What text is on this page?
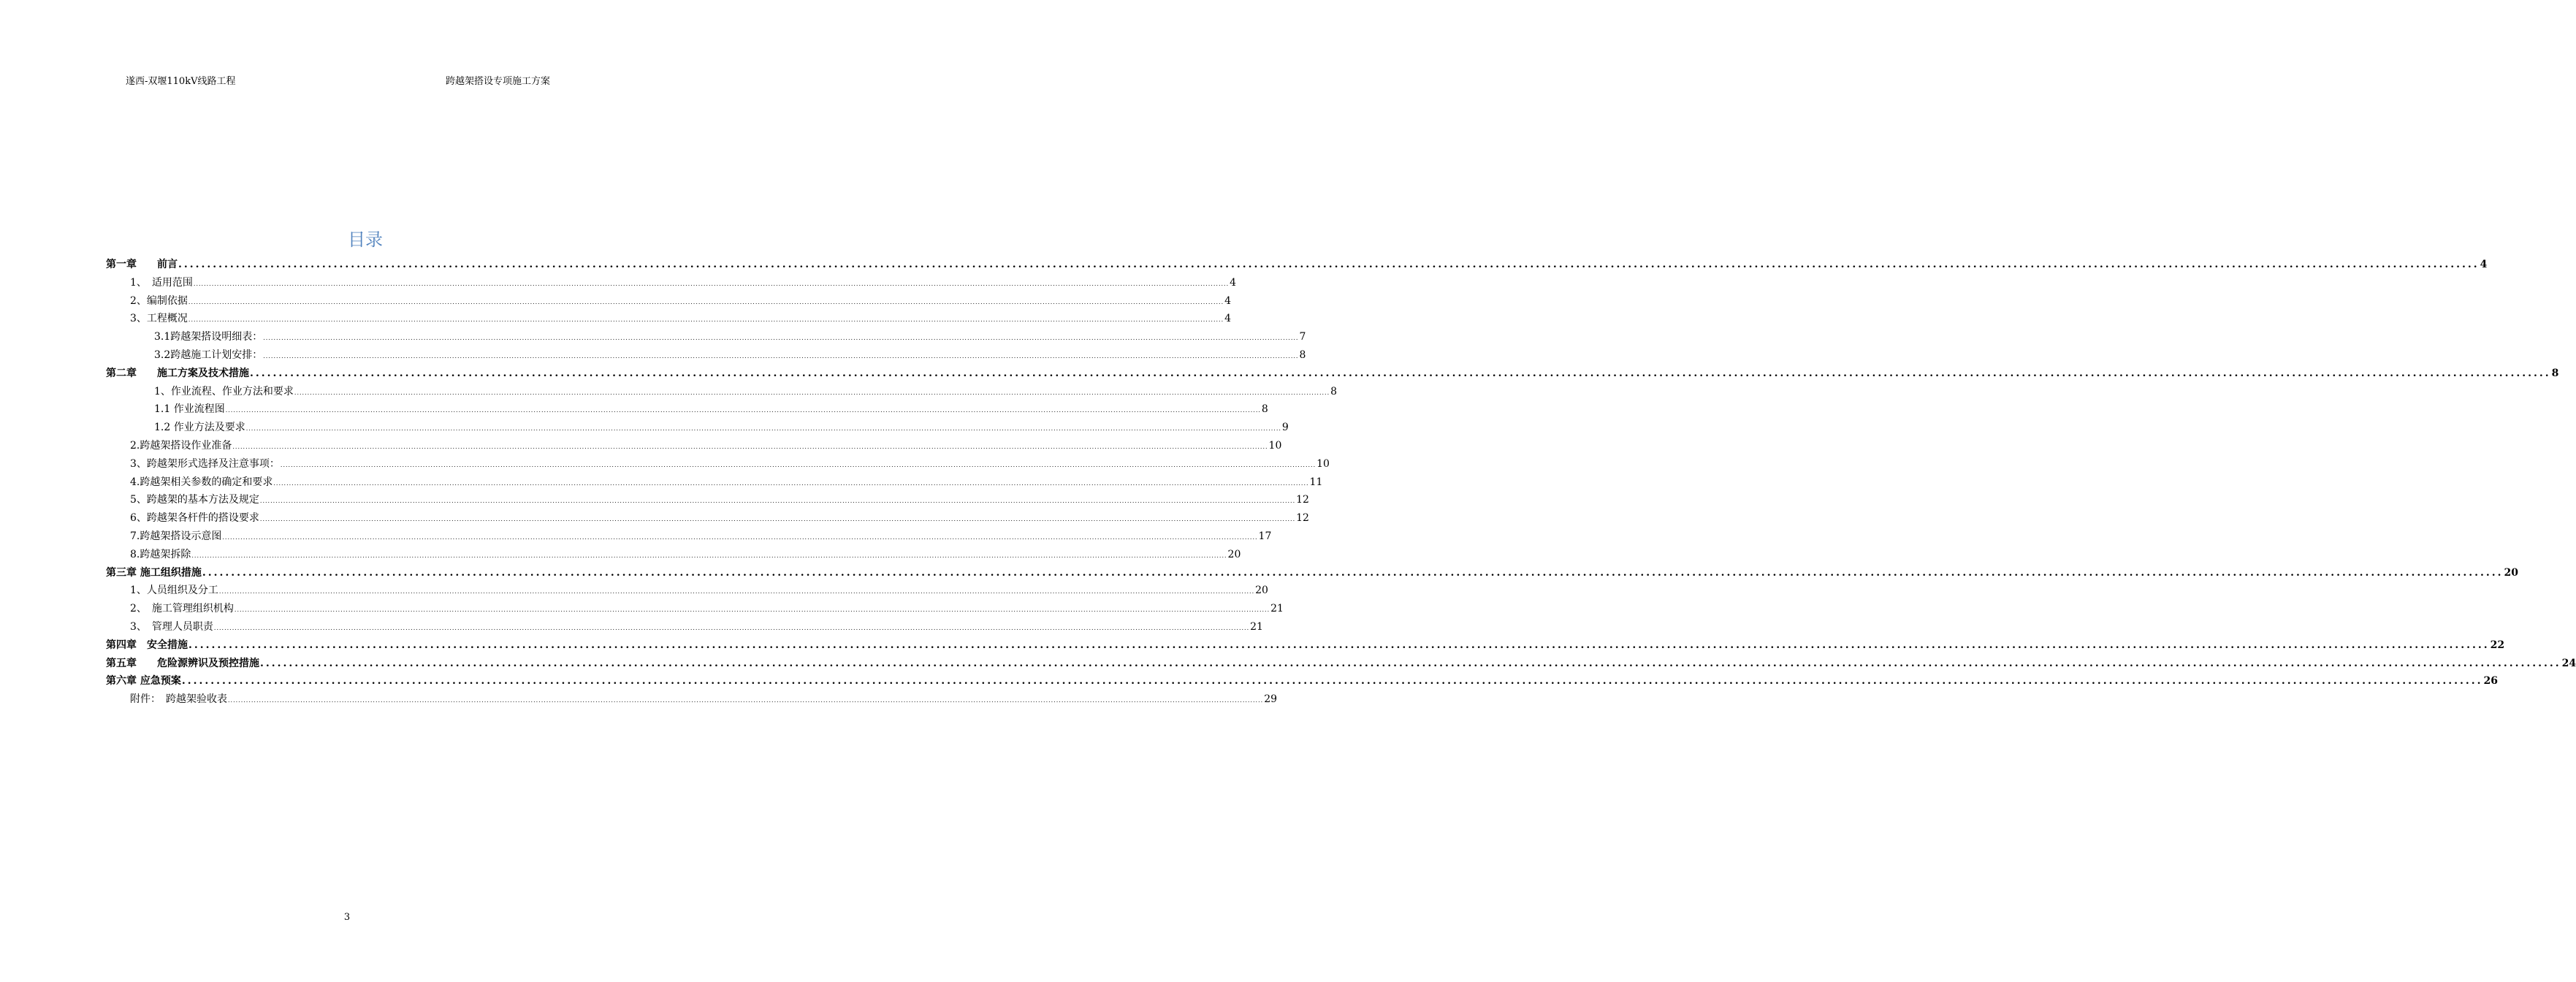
遂西-双堰110kV线路工程	跨越架搭设专项施工方案
目录
第一章　　前言 ................................................................................................................................................................................................................................................................................................................................................................................................................ 4
1、　适用范围 ................................................................................................................................................................................................................................................................................................................................................................................................................ 4
2、编制依据 ................................................................................................................................................................................................................................................................................................................................................................................................................ 4
3、工程概况 ................................................................................................................................................................................................................................................................................................................................................................................................................ 4
3.1跨越架搭设明细表： ................................................................................................................................................................................................................................................................................................................................................................................................................ 7
3.2跨越施工计划安排： ................................................................................................................................................................................................................................................................................................................................................................................................................ 8
第二章　　施工方案及技术措施 ................................................................................................................................................................................................................................................................................................................................................................................................................ 8
1、作业流程、作业方法和要求 ................................................................................................................................................................................................................................................................................................................................................................................................................ 8
1.1 作业流程图 ................................................................................................................................................................................................................................................................................................................................................................................................................ 8
1.2 作业方法及要求 ................................................................................................................................................................................................................................................................................................................................................................................................................ 9
2.跨越架搭设作业准备 ................................................................................................................................................................................................................................................................................................................................................................................................................ 10
3、跨越架形式选择及注意事项： ................................................................................................................................................................................................................................................................................................................................................................................................................ 10
4.跨越架相关参数的确定和要求 ................................................................................................................................................................................................................................................................................................................................................................................................................ 11
5、跨越架的基本方法及规定 ................................................................................................................................................................................................................................................................................................................................................................................................................ 12
6、跨越架各杆件的搭设要求 ................................................................................................................................................................................................................................................................................................................................................................................................................ 12
7.跨越架搭设示意图 ................................................................................................................................................................................................................................................................................................................................................................................................................ 17
8.跨越架拆除 ................................................................................................................................................................................................................................................................................................................................................................................................................ 20
第三章 施工组织措施 ................................................................................................................................................................................................................................................................................................................................................................................................................ 20
1、人员组织及分工 ................................................................................................................................................................................................................................................................................................................................................................................................................ 20
2、　施工管理组织机构 ................................................................................................................................................................................................................................................................................................................................................................................................................ 21
3、　管理人员职责 ................................................................................................................................................................................................................................................................................................................................................................................................................ 21
第四章　安全措施 ................................................................................................................................................................................................................................................................................................................................................................................................................ 22
第五章　　危险源辨识及预控措施 ................................................................................................................................................................................................................................................................................................................................................................................................................ 24
第六章 应急预案 ................................................................................................................................................................................................................................................................................................................................................................................................................ 26
附件：　跨越架验收表 ................................................................................................................................................................................................................................................................................................................................................................................................................ 29
3
